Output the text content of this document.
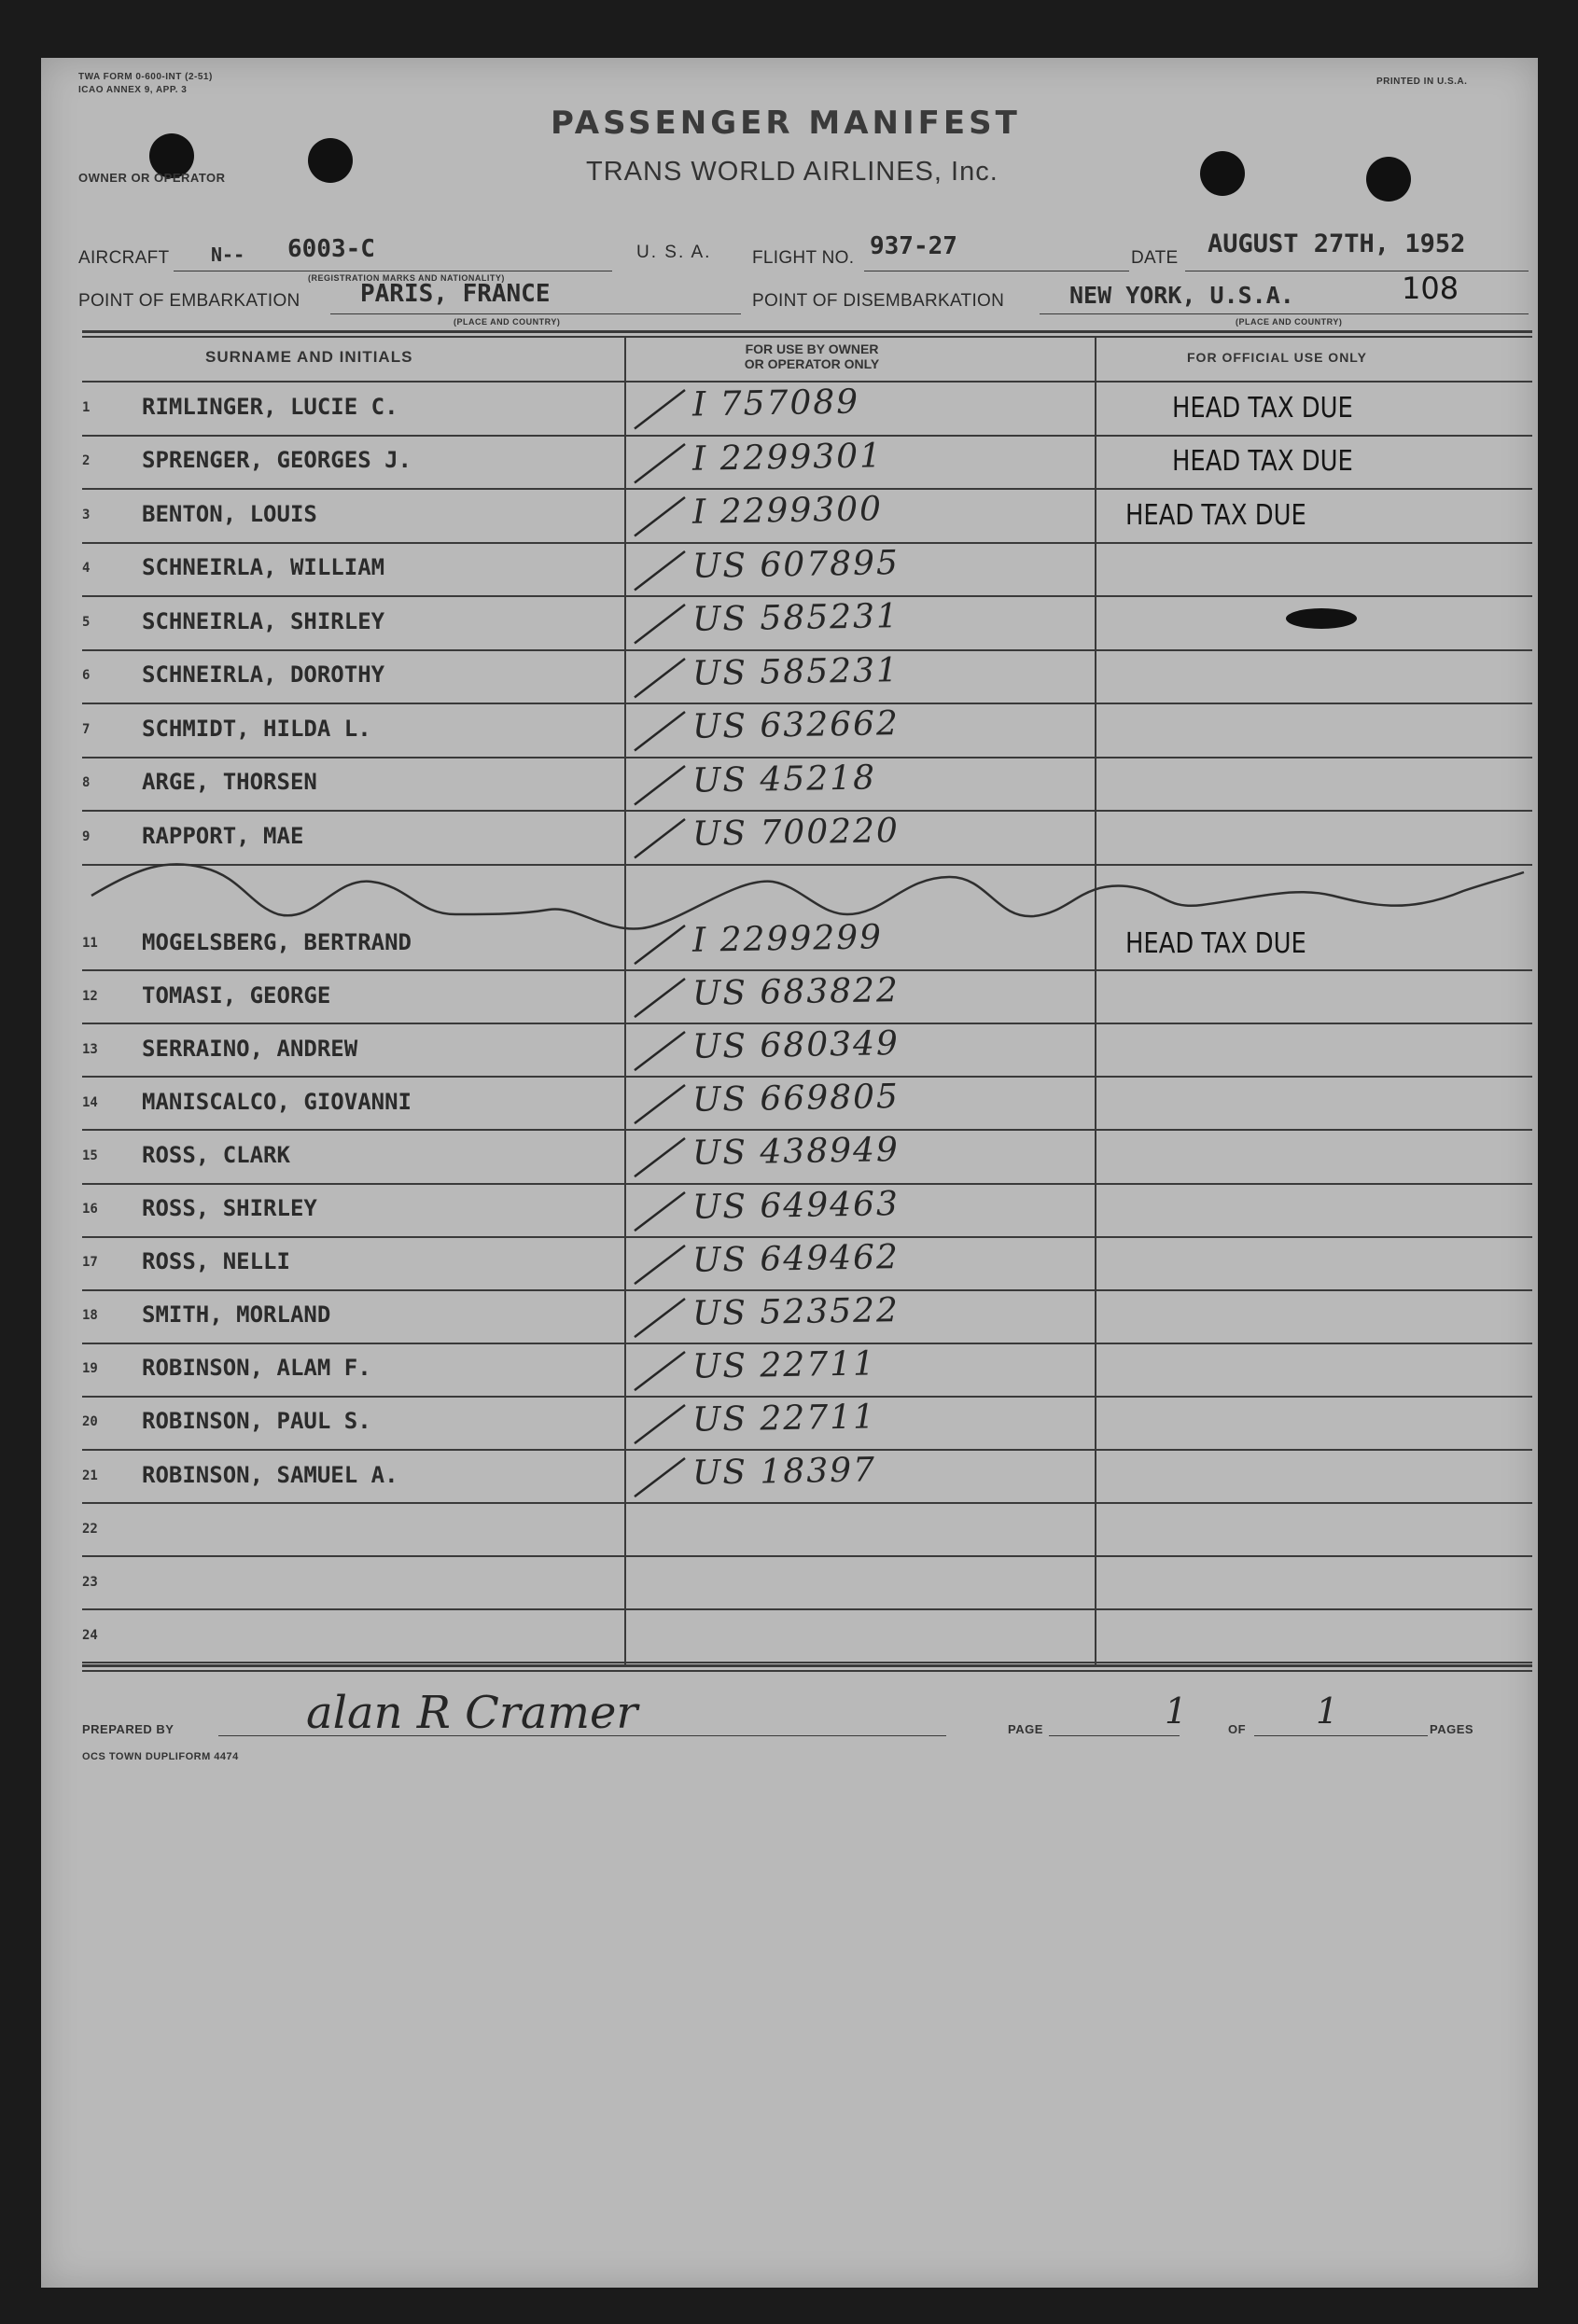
TWA FORM 0-600-INT (2-51)
ICAO ANNEX 9, APP. 3
PRINTED IN U.S.A.
PASSENGER MANIFEST
OWNER OR OPERATOR	TRANS WORLD AIRLINES, Inc.
AIRCRAFT N-- 6003-C
(REGISTRATION MARKS AND NATIONALITY)
U. S. A. FLIGHT NO. 937-27	DATE AUGUST 27TH, 1952
POINT OF EMBARKATION PARIS, FRANCE
(PLACE AND COUNTRY)
POINT OF DISEMBARKATION	NEW YORK, U.S.A.
(PLACE AND COUNTRY)
108
SURNAME AND INITIALS	FOR USE BY OWNER
OR OPERATOR ONLY	FOR OFFICIAL USE ONLY
1 RIMLINGER, LUCIE C.	I 757089	HEAD TAX DUE
2 SPRENGER, GEORGES J.	I 2299301	HEAD TAX DUE
3 BENTON, LOUIS	I 2299300	HEAD TAX DUE
4 SCHNEIRLA, WILLIAM	US 607895
5 SCHNEIRLA, SHIRLEY	US 585231
6 SCHNEIRLA, DOROTHY	US 585231
7 SCHMIDT, HILDA L.	US 632662
8 ARGE, THORSEN	US 45218
9 RAPPORT, MAE	US 700220
11 MOGELSBERG, BERTRAND	I 2299299	HEAD TAX DUE
12 TOMASI, GEORGE	US 683822
13 SERRAINO, ANDREW	US 680349
14 MANISCALCO, GIOVANNI	US 669805
15 ROSS, CLARK	US 438949
16 ROSS, SHIRLEY	US 649463
17 ROSS, NELLI	US 649462
18 SMITH, MORLAND	US 523522
19 ROBINSON, ALAM F.	US 22711
20 ROBINSON, PAUL S.	US 22711
21 ROBINSON, SAMUEL A.	US 18397
22
23
24
PREPARED BY	alan R Cramer	PAGE	1	OF 1	PAGES
OCS TOWN DUPLIFORM 4474
